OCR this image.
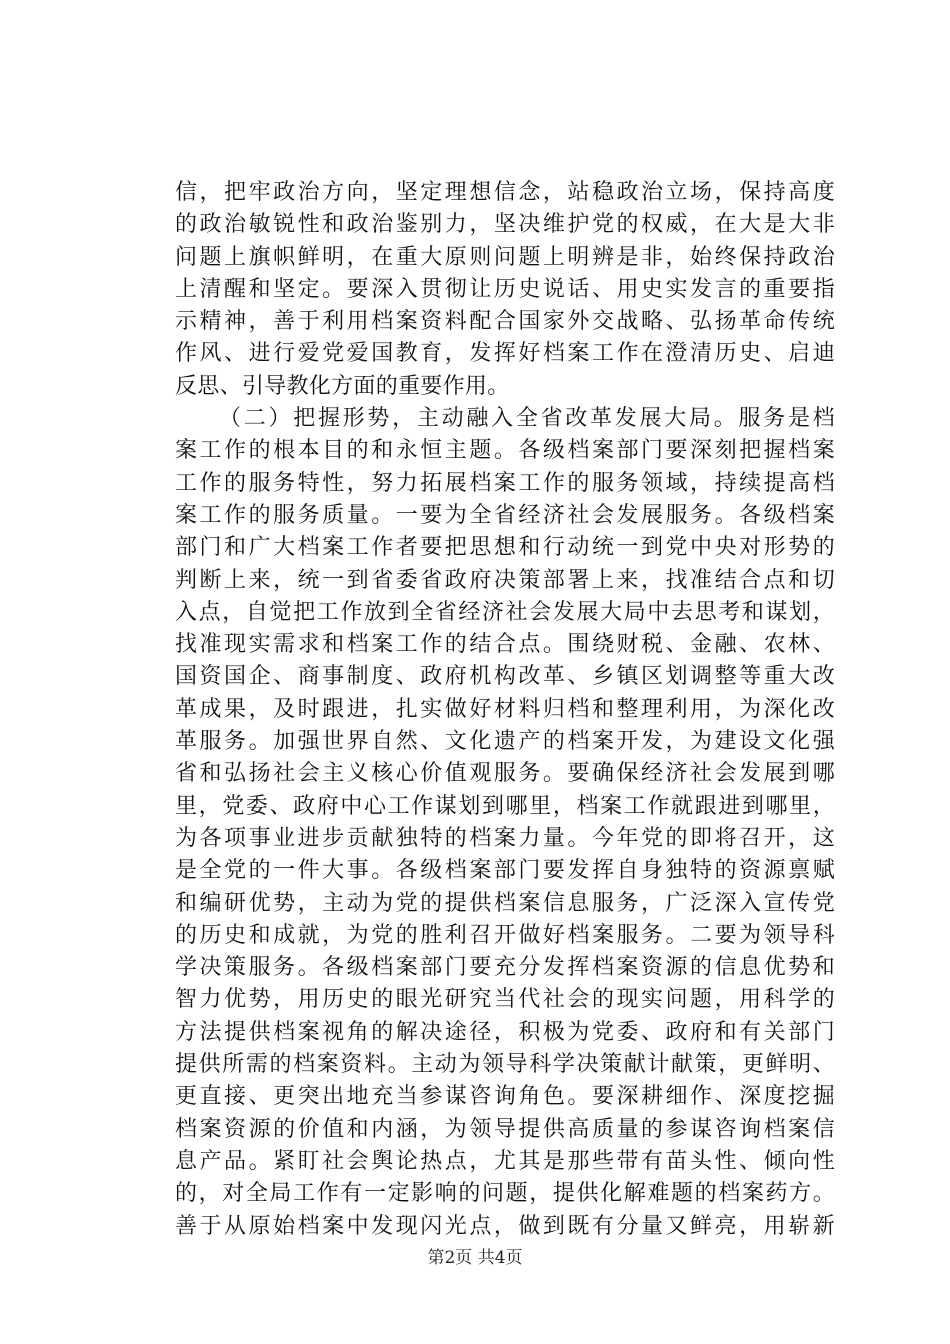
信，把牢政治方向，坚定理想信念，站稳政治立场，保持高度
的政治敏锐性和政治鉴别力，坚决维护党的权威，在大是大非
问题上旗帜鲜明，在重大原则问题上明辨是非，始终保持政治
上清醒和坚定。要深入贯彻让历史说话、用史实发言的重要指
示精神，善于利用档案资料配合国家外交战略、弘扬革命传统
作风、进行爱党爱国教育，发挥好档案工作在澄清历史、启迪
反思、引导教化方面的重要作用。
（二）把握形势，主动融入全省改革发展大局。服务是档
案工作的根本目的和永恒主题。各级档案部门要深刻把握档案
工作的服务特性，努力拓展档案工作的服务领域，持续提高档
案工作的服务质量。一要为全省经济社会发展服务。各级档案
部门和广大档案工作者要把思想和行动统一到党中央对形势的
判断上来，统一到省委省政府决策部署上来，找准结合点和切
入点，自觉把工作放到全省经济社会发展大局中去思考和谋划，
找准现实需求和档案工作的结合点。围绕财税、金融、农林、
国资国企、商事制度、政府机构改革、乡镇区划调整等重大改
革成果，及时跟进，扎实做好材料归档和整理利用，为深化改
革服务。加强世界自然、文化遗产的档案开发，为建设文化强
省和弘扬社会主义核心价值观服务。要确保经济社会发展到哪
里，党委、政府中心工作谋划到哪里，档案工作就跟进到哪里，
为各项事业进步贡献独特的档案力量。今年党的即将召开，这
是全党的一件大事。各级档案部门要发挥自身独特的资源禀赋
和编研优势，主动为党的提供档案信息服务，广泛深入宣传党
的历史和成就，为党的胜利召开做好档案服务。二要为领导科
学决策服务。各级档案部门要充分发挥档案资源的信息优势和
智力优势，用历史的眼光研究当代社会的现实问题，用科学的
方法提供档案视角的解决途径，积极为党委、政府和有关部门
提供所需的档案资料。主动为领导科学决策献计献策，更鲜明、
更直接、更突出地充当参谋咨询角色。要深耕细作、深度挖掘
档案资源的价值和内涵，为领导提供高质量的参谋咨询档案信
息产品。紧盯社会舆论热点，尤其是那些带有苗头性、倾向性
的，对全局工作有一定影响的问题，提供化解难题的档案药方。
善于从原始档案中发现闪光点，做到既有分量又鲜亮，用崭新
第2页 共4页
